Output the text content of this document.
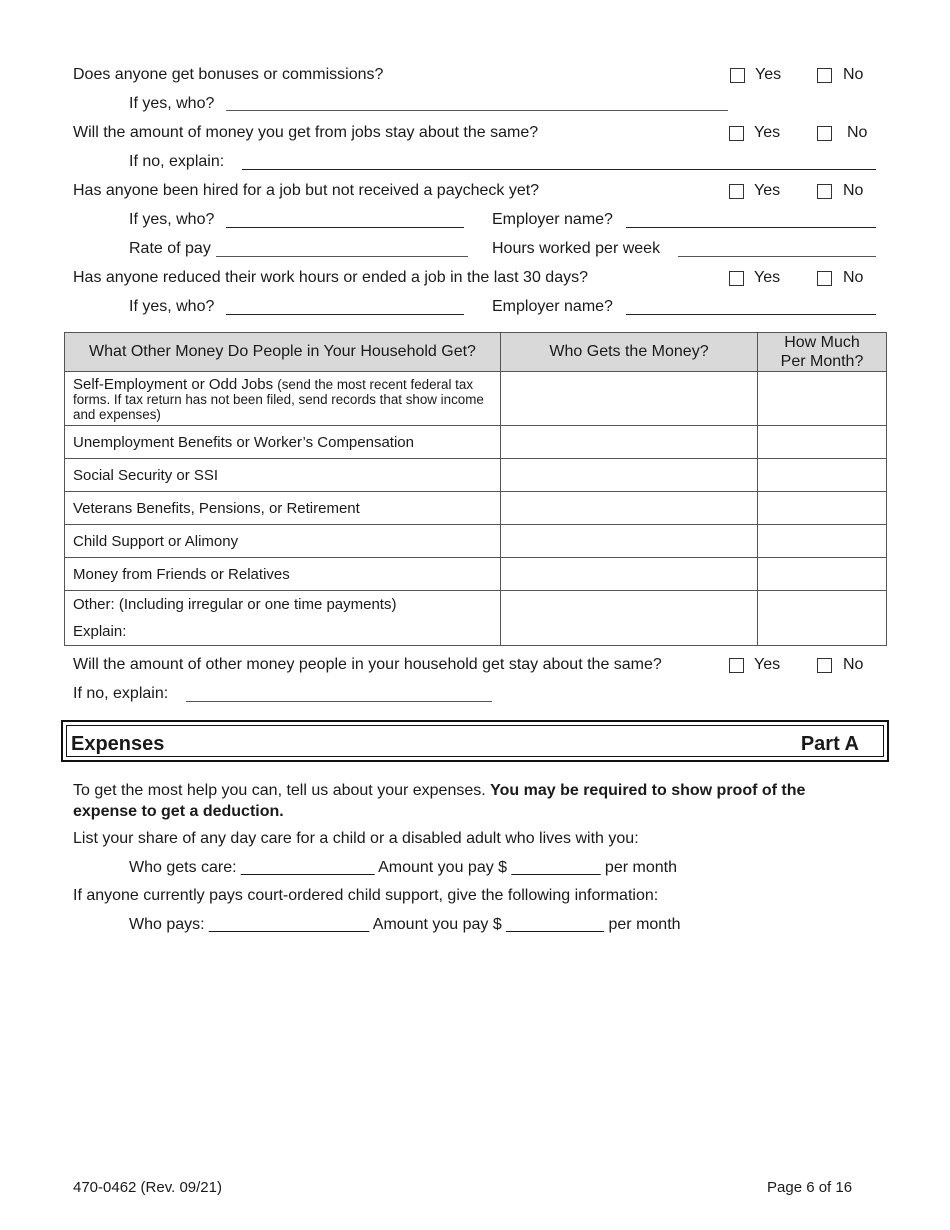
Does anyone get bonuses or commissions?	Yes	No
If yes, who?
Will the amount of money you get from jobs stay about the same?	Yes	No
If no, explain:
Has anyone been hired for a job but not received a paycheck yet?	Yes	No
If yes, who?	Employer name?
Rate of pay	Hours worked per week
Has anyone reduced their work hours or ended a job in the last 30 days?	Yes	No
If yes, who?	Employer name?
What Other Money Do People in Your Household Get?	Who Gets the Money?	How Much
Per Month?

Self-Employment or Odd Jobs (send the most recent federal tax forms. If tax return has not been filed, send records that show income and expenses)		
Unemployment Benefits or Worker’s Compensation		
Social Security or SSI		
Veterans Benefits, Pensions, or Retirement		
Child Support or Alimony		
Money from Friends or Relatives		

Other: (Including irregular or one time payments)
Explain:		

Will the amount of other money people in your household get stay about the same?	Yes	No
If no, explain:
Expenses	Part A
To get the most help you can, tell us about your expenses. You may be required to show proof of the expense to get a deduction.
List your share of any day care for a child or a disabled adult who lives with you:
Who gets care: _______________ Amount you pay $ __________ per month
If anyone currently pays court-ordered child support, give the following information:
Who pays: __________________ Amount you pay $ ___________ per month
470-0462 (Rev. 09/21)	Page 6 of 16
